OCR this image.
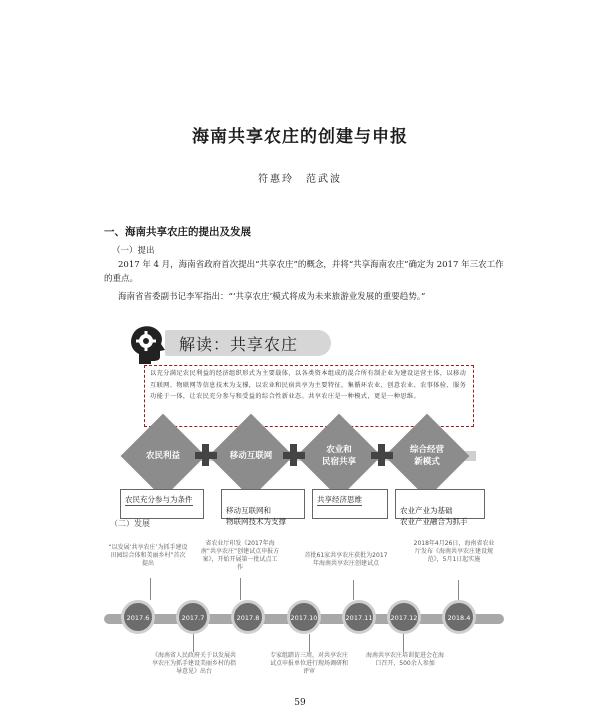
海南共享农庄的创建与申报
符惠玲　范武波
一、海南共享农庄的提出及发展
（一）提出
2017 年 4 月，海南省政府首次提出“共享农庄”的概念，并将“共享海南农庄”确定为 2017 年三农工作的重点。
海南省省委副书记李军指出：“‘共享农庄’模式将成为未来旅游业发展的重要趋势。”
解读：共享农庄
以充分满足农民利益的经济组织形式为主要载体，以各类资本组成的混合所有制企业为建设运营主体，以移动互联网、物联网等信息技术为支撑，以农业和民宿共享为主要特征，集循环农业、创意农业、农事体验、服务功能于一体，让农民充分参与和受益的综合性新业态。共享农庄是一种模式，更是一种思维。
农民利益	移动互联网
农业和
民宿共享
综合经营
新模式
农民充分参与为条件

移动互联网和
物联网技术为支撑

共享经济思维

农业产业为基础
农业产业融合为抓手

（二）发展
“以发展‘共享农庄’为抓手建设田园综合体和美丽乡村”首次提出
省农业厅印发《2017年海南“共享农庄”创建试点申报方案》，开始开展第一批试点工作
首批61家共享农庄获批为2017年海南共享农庄创建试点
2018年4月26日，海南省农业厅发布《海南共享农庄建设规范》，5月1日起实施
2017.6	2017.7	2017.8	2017.10	2017.11	2017.12	2018.4
《海南省人民政府关于以发展共享农庄为抓手建设美丽乡村的指导意见》出台
专家组踏访三周，对共享农庄试点申报单位进行现场调研和评审
海南共享农庄培训促进会在海口召开，500余人参加
59
